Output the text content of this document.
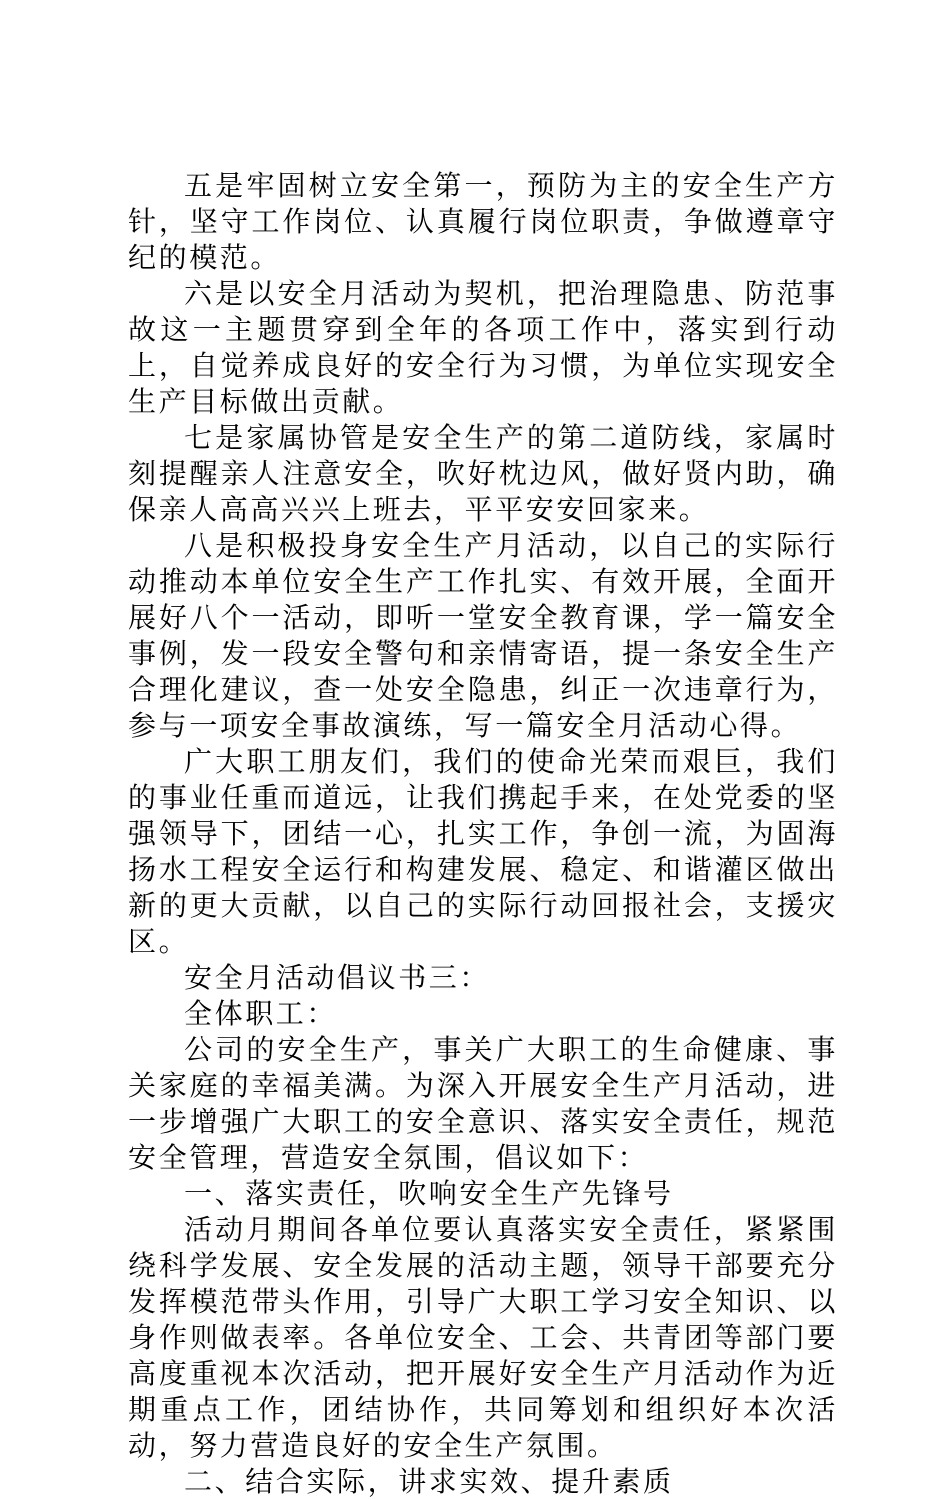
五是牢固树立安全第一，预防为主的安全生产方针，坚守工作岗位、认真履行岗位职责，争做遵章守纪的模范。

六是以安全月活动为契机，把治理隐患、防范事故这一主题贯穿到全年的各项工作中，落实到行动上，自觉养成良好的安全行为习惯，为单位实现安全生产目标做出贡献。

七是家属协管是安全生产的第二道防线，家属时刻提醒亲人注意安全，吹好枕边风，做好贤内助，确保亲人高高兴兴上班去，平平安安回家来。

八是积极投身安全生产月活动，以自己的实际行动推动本单位安全生产工作扎实、有效开展，全面开展好八个一活动，即听一堂安全教育课，学一篇安全事例，发一段安全警句和亲情寄语，提一条安全生产合理化建议，查一处安全隐患，纠正一次违章行为，参与一项安全事故演练，写一篇安全月活动心得。

广大职工朋友们，我们的使命光荣而艰巨，我们的事业任重而道远，让我们携起手来，在处党委的坚强领导下，团结一心，扎实工作，争创一流，为固海扬水工程安全运行和构建发展、稳定、和谐灌区做出新的更大贡献，以自己的实际行动回报社会，支援灾区。

安全月活动倡议书三：

全体职工：

公司的安全生产，事关广大职工的生命健康、事关家庭的幸福美满。为深入开展安全生产月活动，进一步增强广大职工的安全意识、落实安全责任，规范安全管理，营造安全氛围，倡议如下：

一、落实责任，吹响安全生产先锋号

活动月期间各单位要认真落实安全责任，紧紧围绕科学发展、安全发展的活动主题，领导干部要充分发挥模范带头作用，引导广大职工学习安全知识、以身作则做表率。各单位安全、工会、共青团等部门要高度重视本次活动，把开展好安全生产月活动作为近期重点工作，团结协作，共同筹划和组织好本次活动，努力营造良好的安全生产氛围。

二、结合实际，讲求实效、提升素质
